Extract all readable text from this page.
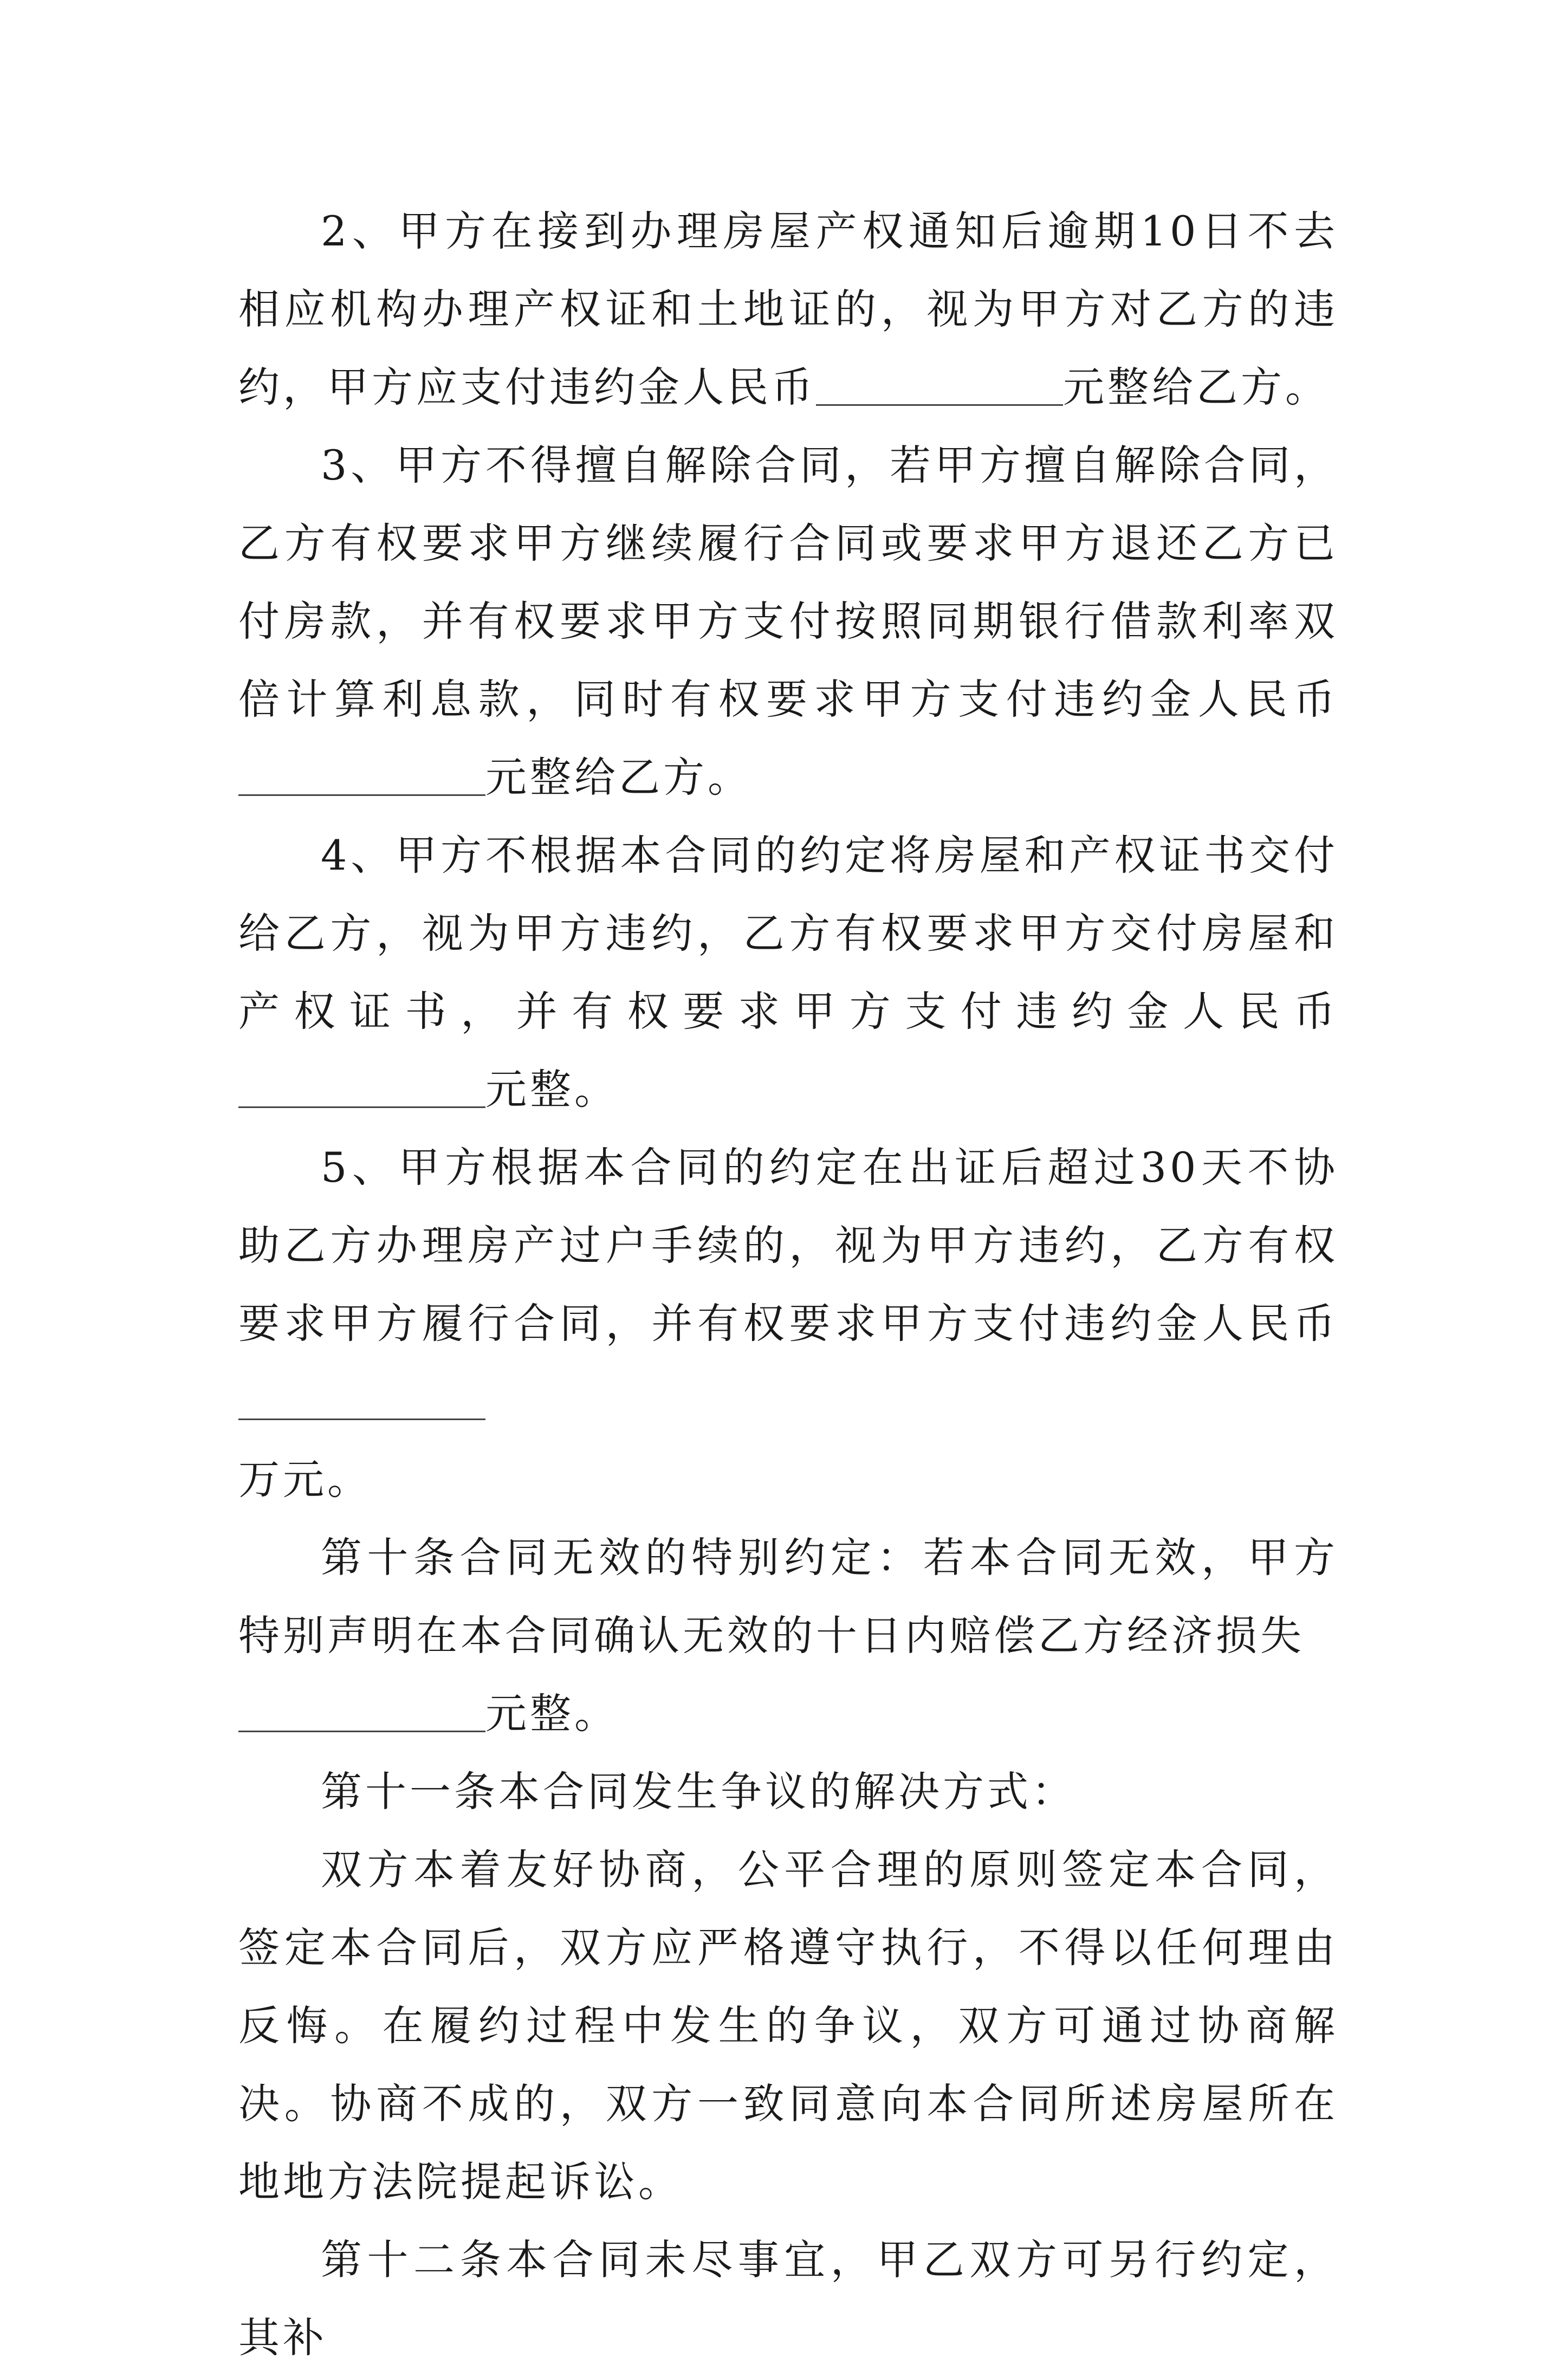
2、甲方在接到办理房屋产权通知后逾期10日不去相应机构办理产权证和土地证的，视为甲方对乙方的违约，甲方应支付违约金人民币	元整给乙方。

3、甲方不得擅自解除合同，若甲方擅自解除合同，乙方有权要求甲方继续履行合同或要求甲方退还乙方已付房款，并有权要求甲方支付按照同期银行借款利率双倍计算利息款，同时有权要求甲方支付违约金人民币元整给乙方。

4、甲方不根据本合同的约定将房屋和产权证书交付给乙方，视为甲方违约，乙方有权要求甲方交付房屋和产权证书，并有权要求甲方支付违约金人民币元整。

5、甲方根据本合同的约定在出证后超过30天不协助乙方办理房产过户手续的，视为甲方违约，乙方有权要求甲方履行合同，并有权要求甲方支付违约金人民币
万元。

第十条合同无效的特别约定：若本合同无效，甲方特别声明在本合同确认无效的十日内赔偿乙方经济损失
元整。

第十一条本合同发生争议的解决方式：

双方本着友好协商，公平合理的原则签定本合同，签定本合同后，双方应严格遵守执行，不得以任何理由反悔。在履约过程中发生的争议，双方可通过协商解决。协商不成的，双方一致同意向本合同所述房屋所在地地方法院提起诉讼。

第十二条本合同未尽事宜，甲乙双方可另行约定，其补
